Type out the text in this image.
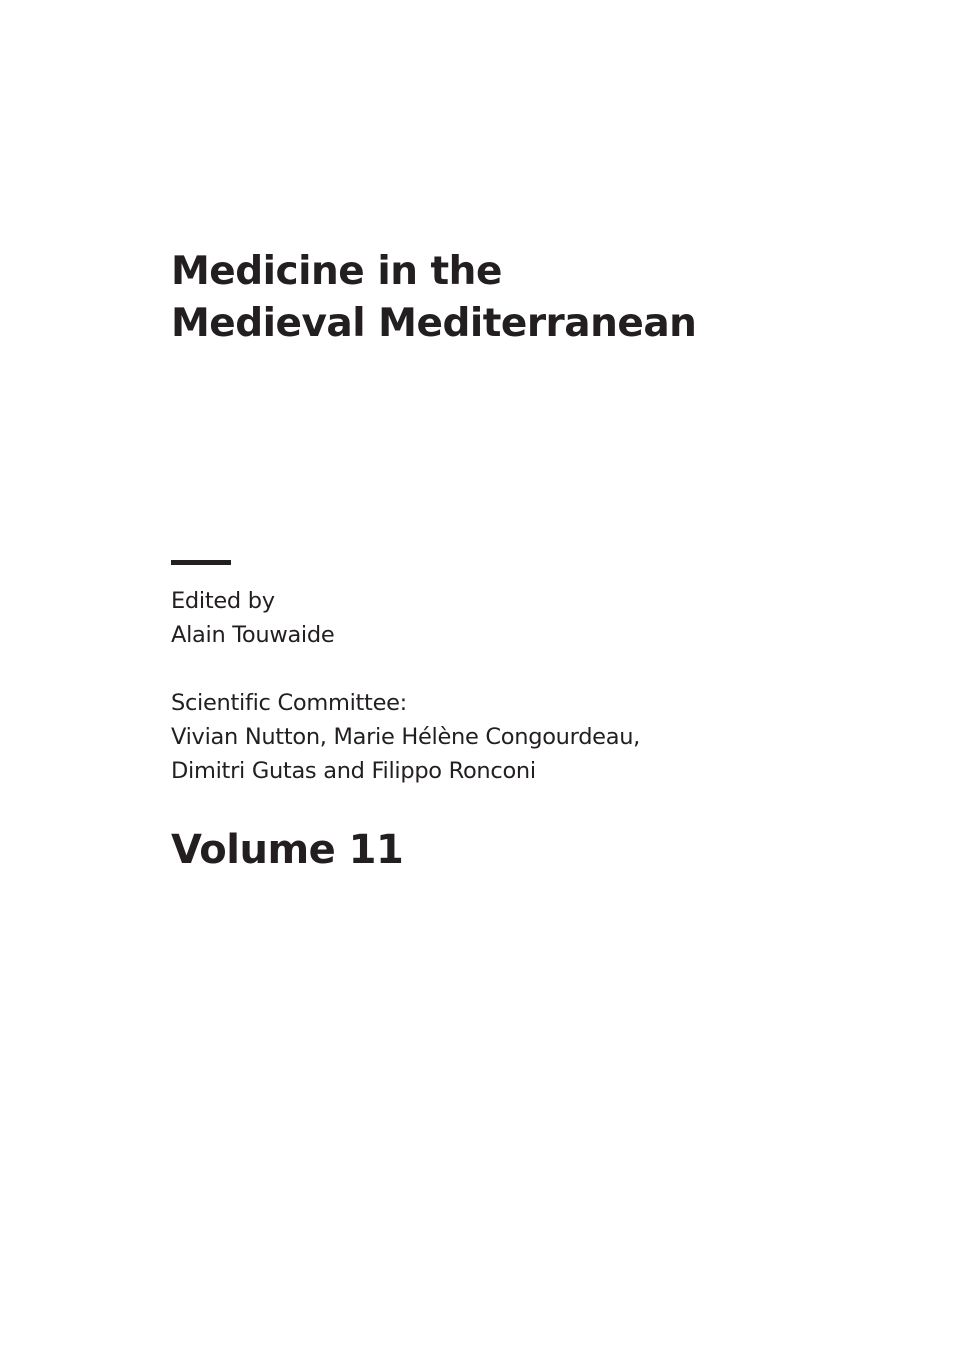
Medicine in the
Medieval Mediterranean
Edited by
Alain Touwaide
Scientific Committee:
Vivian Nutton, Marie Hélène Congourdeau,
Dimitri Gutas and Filippo Ronconi
Volume 11
